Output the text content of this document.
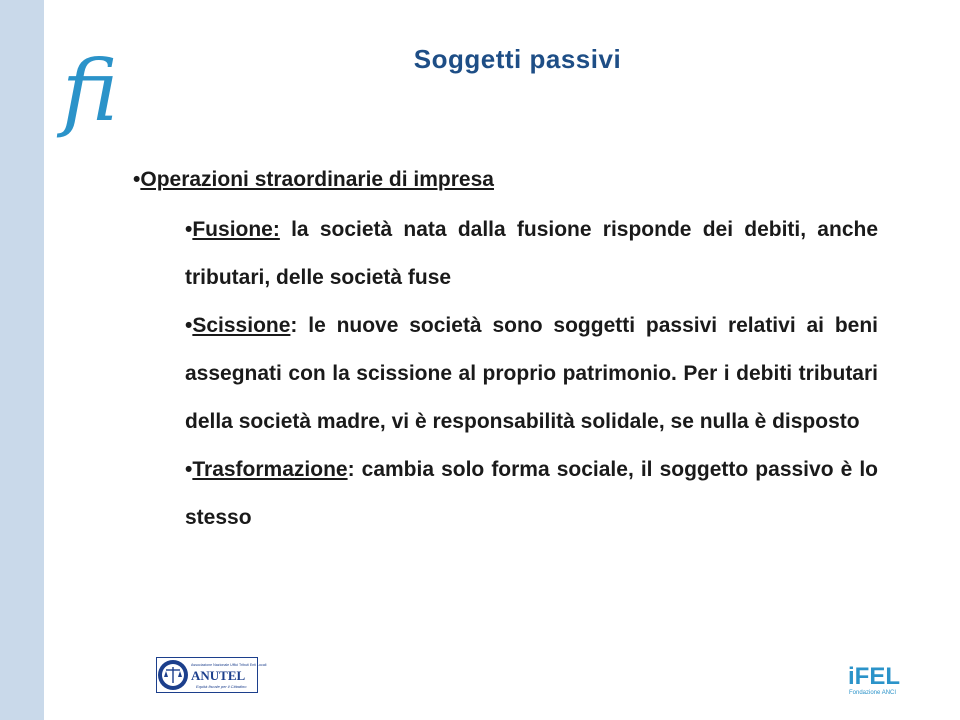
fi	Soggetti passivi

•Operazioni straordinarie di impresa

•Fusione: la società nata dalla fusione risponde dei debiti, anche tributari, delle società fuse

•Scissione: le nuove società sono soggetti passivi relativi ai beni assegnati con la scissione al proprio patrimonio. Per i debiti tributari della società madre, vi è responsabilità solidale, se nulla è disposto

•Trasformazione: cambia solo forma sociale, il soggetto passivo è lo stesso

Associazione Nazionale Uffici Tributi Enti Locali
ANUTEL
Equità fiscale per il Cittadino	iFEL
Fondazione ANCI
